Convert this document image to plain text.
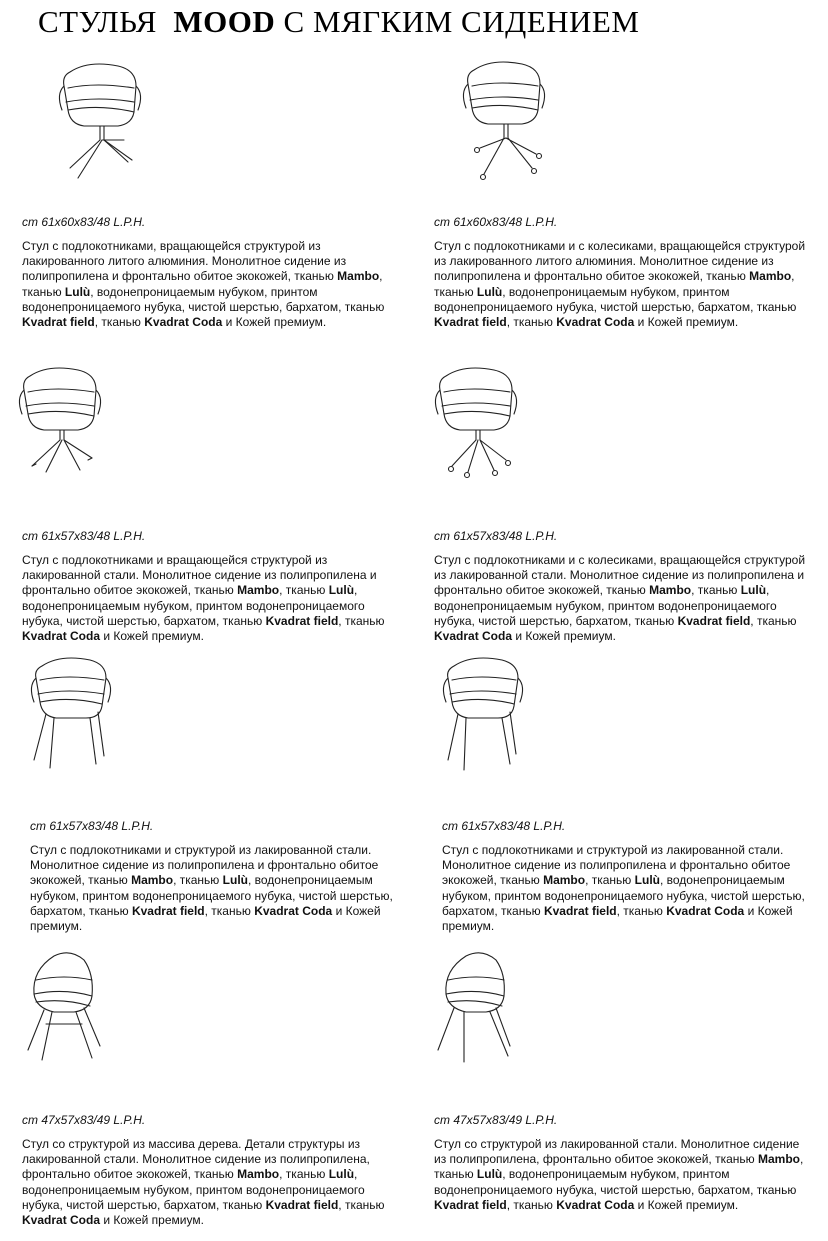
СТУЛЬЯ MOOD С МЯГКИМ СИДЕНИЕМ
cm 61x60x83/48 L.P.H.
Стул с подлокотниками, вращающейся структурой из лакированного литого алюминия. Монолитное сидение из полипропилена и фронтально обитое экокожей, тканью Mambo, тканью Lulù, водонепроницаемым нубуком, принтом водонепроницаемого нубука, чистой шерстью, бархатом, тканью Kvadrat field, тканью Kvadrat Coda и Кожей премиум.
cm 61x60x83/48 L.P.H.
Стул с подлокотниками и с колесиками, вращающейся структурой из лакированного литого алюминия. Монолитное сидение из полипропилена и фронтально обитое экокожей, тканью Mambo, тканью Lulù, водонепроницаемым нубуком, принтом водонепроницаемого нубука, чистой шерстью, бархатом, тканью Kvadrat field, тканью Kvadrat Coda и Кожей премиум.
cm 61x57x83/48 L.P.H.
Стул с подлокотниками и вращающейся структурой из лакированной стали. Монолитное сидение из полипропилена и фронтально обитое экокожей, тканью Mambo, тканью Lulù, водонепроницаемым нубуком, принтом водонепроницаемого нубука, чистой шерстью, бархатом, тканью Kvadrat field, тканью Kvadrat Coda и Кожей премиум.
cm 61x57x83/48 L.P.H.
Стул с подлокотниками и с колесиками, вращающейся структурой из лакированной стали. Монолитное сидение из полипропилена и фронтально обитое экокожей, тканью Mambo, тканью Lulù, водонепроницаемым нубуком, принтом водонепроницаемого нубука, чистой шерстью, бархатом, тканью Kvadrat field, тканью Kvadrat Coda и Кожей премиум.
cm 61x57x83/48 L.P.H.
Стул с подлокотниками и структурой из лакированной стали. Монолитное сидение из полипропилена и фронтально обитое экокожей, тканью Mambo, тканью Lulù, водонепроницаемым нубуком, принтом водонепроницаемого нубука, чистой шерстью, бархатом, тканью Kvadrat field, тканью Kvadrat Coda и Кожей премиум.
cm 61x57x83/48 L.P.H.
Стул с подлокотниками и структурой из лакированной стали. Монолитное сидение из полипропилена и фронтально обитое экокожей, тканью Mambo, тканью Lulù, водонепроницаемым нубуком, принтом водонепроницаемого нубука, чистой шерстью, бархатом, тканью Kvadrat field, тканью Kvadrat Coda и Кожей премиум.
cm 47x57x83/49 L.P.H.
Стул со структурой из массива дерева. Детали структуры из лакированной стали. Монолитное сидение из полипропилена, фронтально обитое экокожей, тканью Mambo, тканью Lulù, водонепроницаемым нубуком, принтом водонепроницаемого нубука, чистой шерстью, бархатом, тканью Kvadrat field, тканью Kvadrat Coda и Кожей премиум.
cm 47x57x83/49 L.P.H.
Стул со структурой из лакированной стали. Монолитное сидение из полипропилена, фронтально обитое экокожей, тканью Mambo, тканью Lulù, водонепроницаемым нубуком, принтом водонепроницаемого нубука, чистой шерстью, бархатом, тканью Kvadrat field, тканью Kvadrat Coda и Кожей премиум.
